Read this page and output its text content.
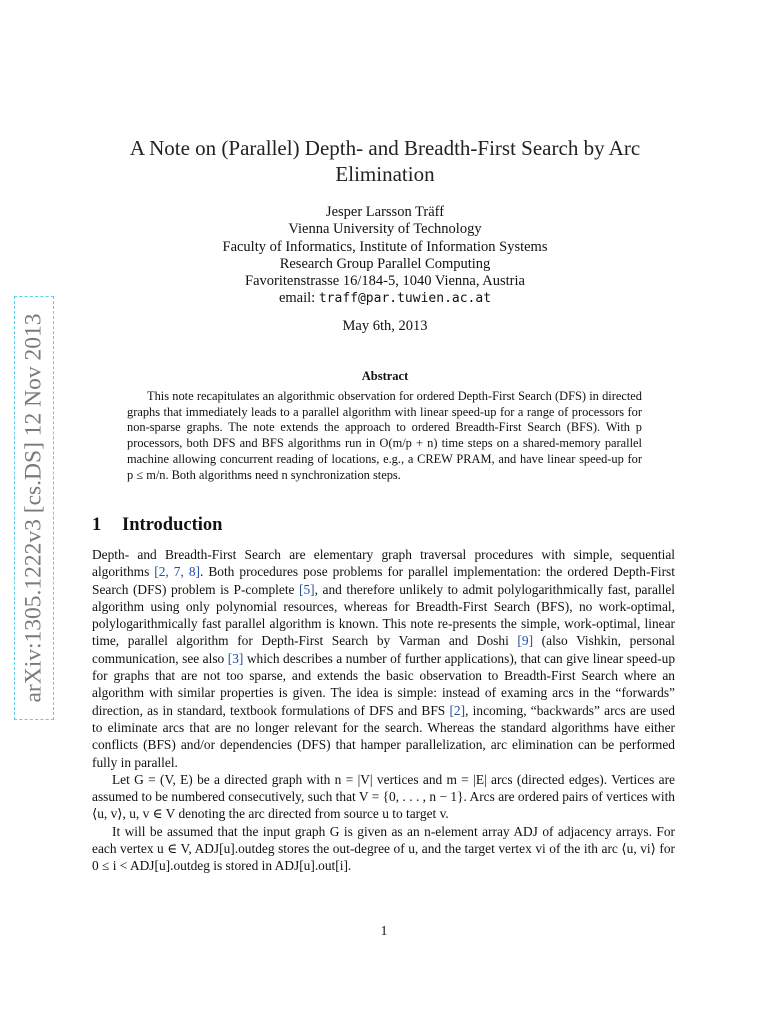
arXiv:1305.1222v3 [cs.DS] 12 Nov 2013
A Note on (Parallel) Depth- and Breadth-First Search by Arc Elimination
Jesper Larsson Träff
Vienna University of Technology
Faculty of Informatics, Institute of Information Systems
Research Group Parallel Computing
Favoritenstrasse 16/184-5, 1040 Vienna, Austria
email: traff@par.tuwien.ac.at
May 6th, 2013
Abstract
This note recapitulates an algorithmic observation for ordered Depth-First Search (DFS) in directed graphs that immediately leads to a parallel algorithm with linear speed-up for a range of processors for non-sparse graphs. The note extends the approach to ordered Breadth-First Search (BFS). With p processors, both DFS and BFS algorithms run in O(m/p + n) time steps on a shared-memory parallel machine allowing concurrent reading of locations, e.g., a CREW PRAM, and have linear speed-up for p ≤ m/n. Both algorithms need n synchronization steps.
1 Introduction

Depth- and Breadth-First Search are elementary graph traversal procedures with simple, sequential algorithms [2, 7, 8]. Both procedures pose problems for parallel implementation: the ordered Depth-First Search (DFS) problem is P-complete [5], and therefore unlikely to admit polylogarithmically fast, parallel algorithm using only polynomial resources, whereas for Breadth-First Search (BFS), no work-optimal, polylogarithmically fast parallel algorithm is known. This note re-presents the simple, work-optimal, linear time, parallel algorithm for Depth-First Search by Varman and Doshi [9] (also Vishkin, personal communication, see also [3] which describes a number of further applications), that can give linear speed-up for graphs that are not too sparse, and extends the basic observation to Breadth-First Search where an algorithm with similar properties is given. The idea is simple: instead of examing arcs in the “forwards” direction, as in standard, textbook formulations of DFS and BFS [2], incoming, “backwards” arcs are used to eliminate arcs that are no longer relevant for the search. Whereas the standard algorithms have either conflicts (BFS) and/or dependencies (DFS) that hamper parallelization, arc elimination can be performed fully in parallel.

Let G = (V, E) be a directed graph with n = |V| vertices and m = |E| arcs (directed edges). Vertices are assumed to be numbered consecutively, such that V = {0, . . . , n − 1}. Arcs are ordered pairs of vertices with ⟨u, v⟩, u, v ∈ V denoting the arc directed from source u to target v.

It will be assumed that the input graph G is given as an n-element array ADJ of adjacency arrays. For each vertex u ∈ V, ADJ[u].outdeg stores the out-degree of u, and the target vertex vi of the ith arc ⟨u, vi⟩ for 0 ≤ i < ADJ[u].outdeg is stored in ADJ[u].out[i].

1
